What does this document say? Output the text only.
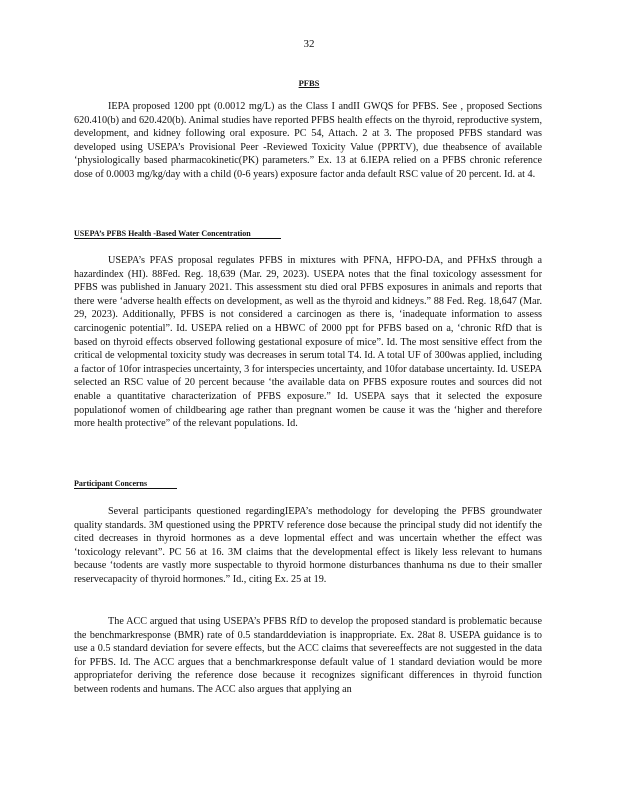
32
PFBS
IEPA proposed 1200 ppt (0.0012 mg/L) as the Class I andII GWQS for PFBS. See , proposed Sections 620.410(b) and 620.420(b). Animal studies have reported PFBS health effects on the thyroid, reproductive system, development, and kidney following oral exposure. PC 54, Attach. 2 at 3. The proposed PFBS standard was developed using USEPA’s Provisional Peer -Reviewed Toxicity Value (PPRTV), due theabsence of available ‘physiologically based pharmacokinetic(PK) parameters.” Ex. 13 at 6.IEPA relied on a PFBS chronic reference dose of 0.0003 mg/kg/day with a child (0-6 years) exposure factor anda default RSC value of 20 percent. Id. at 4.
USEPA’s PFBS Health -Based Water Concentration
USEPA’s PFAS proposal regulates PFBS in mixtures with PFNA, HFPO-DA, and PFHxS through a hazardindex (HI). 88Fed. Reg. 18,639 (Mar. 29, 2023). USEPA notes that the final toxicology assessment for PFBS was published in January 2021. This assessment stu died oral PFBS exposures in animals and reports that there were ‘adverse health effects on development, as well as the thyroid and kidneys.” 88 Fed. Reg. 18,647 (Mar. 29, 2023). Additionally, PFBS is not considered a carcinogen as there is, ‘inadequate information to assess carcinogenic potential”. Id. USEPA relied on a HBWC of 2000 ppt for PFBS based on a, ‘chronic RfD that is based on thyroid effects observed following gestational exposure of mice”. Id. The most sensitive effect from the critical de velopmental toxicity study was decreases in serum total T4. Id. A total UF of 300was applied, including a factor of 10for intraspecies uncertainty, 3 for interspecies uncertainty, and 10for database uncertainty. Id. USEPA selected an RSC value of 20 percent because ‘the available data on PFBS exposure routes and sources did not enable a quantitative characterization of PFBS exposure.” Id. USEPA says that it selected the exposure populationof women of childbearing age rather than pregnant women be cause it was the ‘higher and therefore more health protective” of the relevant populations. Id.
Participant Concerns
Several participants questioned regardingIEPA’s methodology for developing the PFBS groundwater quality standards. 3M questioned using the PPRTV reference dose because the principal study did not identify the cited decreases in thyroid hormones as a deve lopmental effect and was uncertain whether the effect was ‘toxicology relevant”. PC 56 at 16. 3M claims that the developmental effect is likely less relevant to humans because ‘todents are vastly more suspectable to thyroid hormone disturbances thanhuma ns due to their smaller reservecapacity of thyroid hormones.” Id., citing Ex. 25 at 19.
The ACC argued that using USEPA’s PFBS RfD to develop the proposed standard is problematic because the benchmarkresponse (BMR) rate of 0.5 standarddeviation is inappropriate. Ex. 28at 8. USEPA guidance is to use a 0.5 standard deviation for severe effects, but the ACC claims that severeeffects are not suggested in the data for PFBS. Id. The ACC argues that a benchmarkresponse default value of 1 standard deviation would be more appropriatefor deriving the reference dose because it recognizes significant differences in thyroid function between rodents and humans. The ACC also argues that applying an
